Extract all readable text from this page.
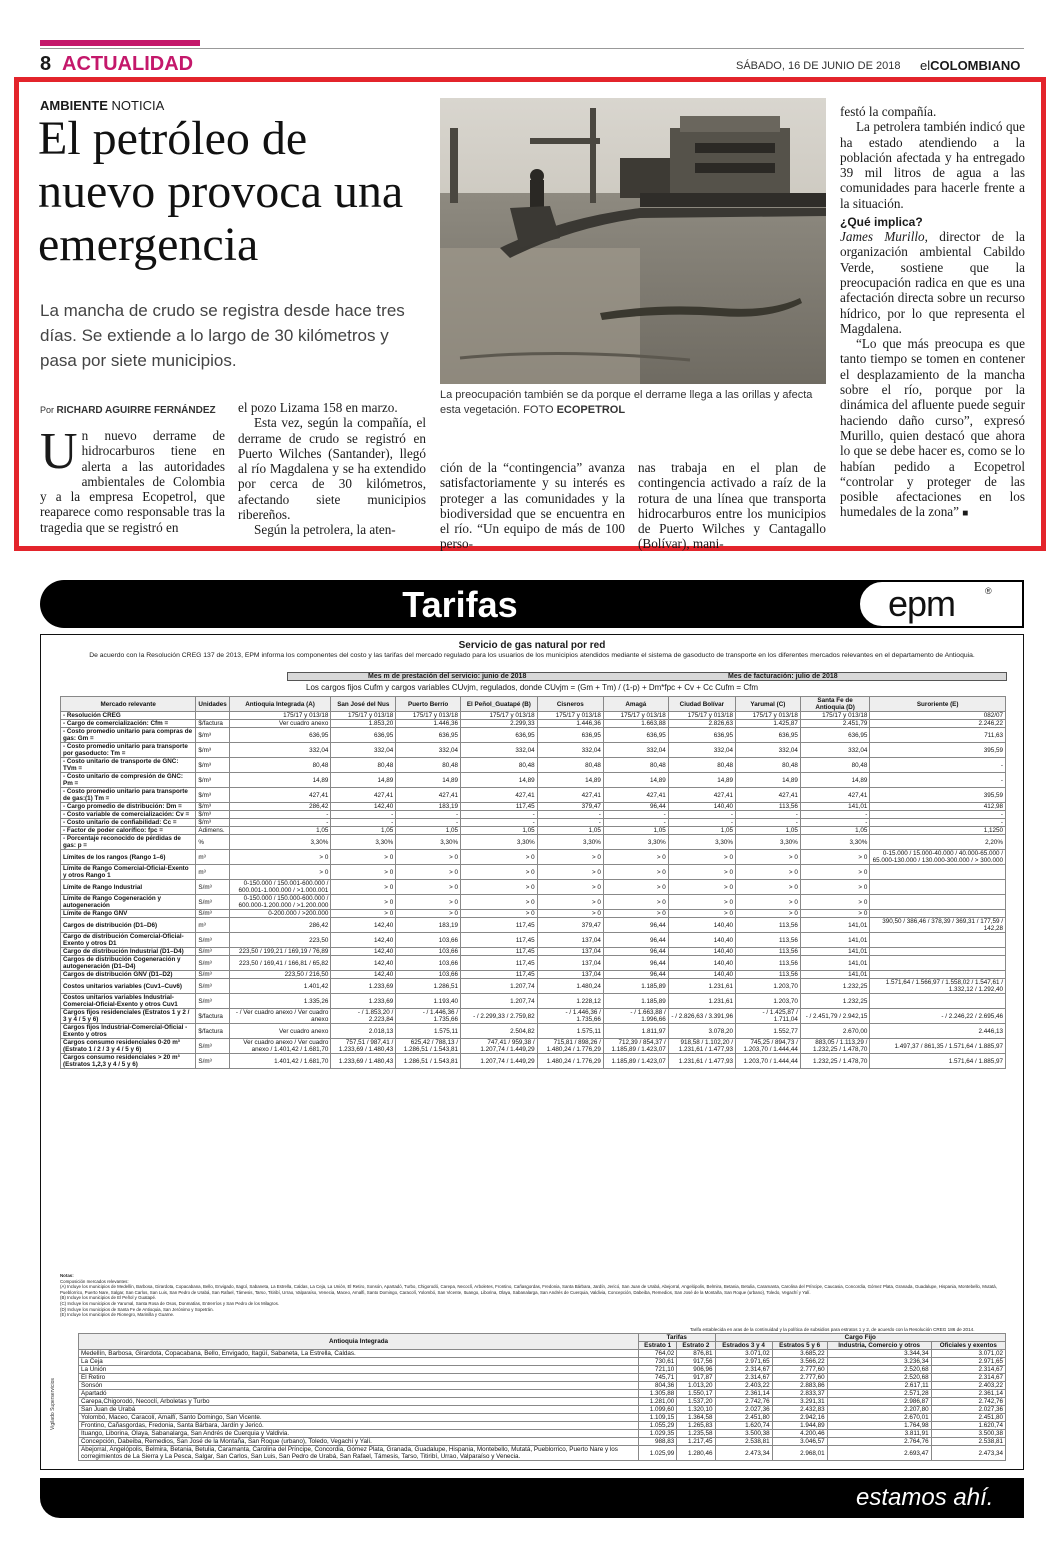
8 ACTUALIDAD	SÁBADO, 16 DE JUNIO DE 2018 elCOLOMBIANO
AMBIENTE NOTICIA
El petróleo de nuevo provoca una emergencia

La mancha de crudo se registra desde hace tres días. Se extiende a lo largo de 30 kilómetros y pasa por siete municipios.

La preocupación también se da porque el derrame llega a las orillas y afecta esta vegetación. FOTO ECOPETROL

Por RICHARD AGUIRRE FERNÁNDEZ
Un nuevo derrame de hidrocarburos tiene en alerta a las autoridades ambientales de Colombia y a la empresa Ecopetrol, que reaparece como responsable tras la tragedia que se registró en

el pozo Lizama 158 en marzo.

Esta vez, según la compañía, el derrame de crudo se registró en Puerto Wilches (Santander), llegó al río Magdalena y se ha extendido por cerca de 30 kilómetros, afectando siete municipios ribereños.

Según la petrolera, la aten-

ción de la “contingencia” avanza satisfactoriamente y su interés es proteger a las comunidades y la biodiversidad que se encuentra en el río. “Un equipo de más de 100 perso-
nas trabaja en el plan de contingencia activado a raíz de la rotura de una línea que transporta hidrocarburos entre los municipios de Puerto Wilches y Cantagallo (Bolívar), mani-

festó la compañía.

La petrolera también indicó que ha estado atendiendo a la población afectada y ha entregado 39 mil litros de agua a las comunidades para hacerle frente a la situación.

¿Qué implica?

James Murillo, director de la organización ambiental Cabildo Verde, sostiene que la preocupación radica en que es una afectación directa sobre un recurso hídrico, por lo que representa el Magdalena.

“Lo que más preocupa es que tanto tiempo se tomen en contener el desplazamiento de la mancha sobre el río, porque por la dinámica del afluente puede seguir haciendo daño curso”, expresó Murillo, quien destacó que ahora lo que se debe hacer es, como se lo habían pedido a Ecopetrol “controlar y proteger de las posible afectaciones en los humedales de la zona” ■

Tarifas	epm	®
Servicio de gas natural por red
De acuerdo con la Resolución CREG 137 de 2013, EPM informa los componentes del costo y las tarifas del mercado regulado para los usuarios de los municipios atendidos mediante el sistema de gasoducto de transporte en los diferentes mercados relevantes en el departamento de Antioquia.
Mes m de prestación del servicio: junio de 2018	Mes de facturación: julio de 2018
Los cargos fijos Cufm y cargos variables CUvjm, regulados, donde CUvjm = (Gm + Tm) / (1-p) + Dm*fpc + Cv + Cc Cufm = Cfm
Mercado relevante	Unidades	Antioquia Integrada (A)	San José del Nus	Puerto Berrío	El Peñol_Guatapé (B)	Cisneros	Amagá	Ciudad Bolívar	Yarumal (C)	Santa Fe de Antioquia (D)	Suroriente (E)
- Resolución CREG		175/17 y 013/18	175/17 y 013/18	175/17 y 013/18	175/17 y 013/18	175/17 y 013/18	175/17 y 013/18	175/17 y 013/18	175/17 y 013/18	175/17 y 013/18	082/07
- Cargo de comercialización: Cfm =	$/factura	Ver cuadro anexo	1.853,20	1.446,36	2.299,33	1.446,36	1.663,88	2.826,63	1.425,87	2.451,79	2.246,22
- Costo promedio unitario para compras de gas: Gm =	$/m³	636,95	636,95	636,95	636,95	636,95	636,95	636,95	636,95	636,95	711,63
- Costo promedio unitario para transporte por gasoducto: Tm =	$/m³	332,04	332,04	332,04	332,04	332,04	332,04	332,04	332,04	332,04	395,59
- Costo unitario de transporte de GNC: TVm =	$/m³	80,48	80,48	80,48	80,48	80,48	80,48	80,48	80,48	80,48	-
- Costo unitario de compresión de GNC: Pm =	$/m³	14,89	14,89	14,89	14,89	14,89	14,89	14,89	14,89	14,89	-
- Costo promedio unitario para transporte de gas:(1) Tm =	$/m³	427,41	427,41	427,41	427,41	427,41	427,41	427,41	427,41	427,41	395,59
- Cargo promedio de distribución: Dm =	$/m³	286,42	142,40	183,19	117,45	379,47	96,44	140,40	113,56	141,01	412,98
- Costo variable de comercialización: Cv =	$/m³	-	-	-	-	-	-	-	-	-	-
- Costo unitario de confiabilidad: Cc =	$/m³	-	-	-	-	-	-	-	-	-	-
- Factor de poder calorífico: fpc =	Adimens.	1,05	1,05	1,05	1,05	1,05	1,05	1,05	1,05	1,05	1,1250
- Porcentaje reconocido de pérdidas de gas: p =	%	3,30%	3,30%	3,30%	3,30%	3,30%	3,30%	3,30%	3,30%	3,30%	2,20%
Límites de los rangos (Rango 1–6)	m³	> 0	> 0	> 0	> 0	> 0	> 0	> 0	> 0	> 0	0-15.000 / 15.000-40.000 / 40.000-65.000 / 65.000-130.000 / 130.000-300.000 / > 300.000
Límite de Rango Comercial-Oficial-Exento y otros Rango 1	m³	> 0	> 0	> 0	> 0	> 0	> 0	> 0	> 0	> 0	
Límite de Rango Industrial	S/m³	0-150.000 / 150.001-600.000 / 600.001-1.000.000 / >1.000.001	> 0	> 0	> 0	> 0	> 0	> 0	> 0	> 0	
Límite de Rango Cogeneración y autogeneración	S/m³	0-150.000 / 150.000-600.000 / 600.000-1.200.000 / >1.200.000	> 0	> 0	> 0	> 0	> 0	> 0	> 0	> 0	
Límite de Rango GNV	S/m³	0-200.000 / >200.000	> 0	> 0	> 0	> 0	> 0	> 0	> 0	> 0	
Cargos de distribución (D1–D6)	m³	286,42	142,40	183,19	117,45	379,47	96,44	140,40	113,56	141,01	390,50 / 386,46 / 378,39 / 369,31 / 177,59 / 142,28
Cargo de distribución Comercial-Oficial-Exento y otros D1	S/m³	223,50	142,40	103,66	117,45	137,04	96,44	140,40	113,56	141,01	
Cargo de distribución Industrial (D1–D4)	S/m³	223,50 / 199,21 / 169,19 / 76,89	142,40	103,66	117,45	137,04	96,44	140,40	113,56	141,01	
Cargos de distribución Cogeneración y autogeneración (D1–D4)	S/m³	223,50 / 169,41 / 166,81 / 65,82	142,40	103,66	117,45	137,04	96,44	140,40	113,56	141,01	
Cargos de distribución GNV (D1–D2)	S/m³	223,50 / 216,50	142,40	103,66	117,45	137,04	96,44	140,40	113,56	141,01	
Costos unitarios variables (Cuv1–Cuv6)	S/m³	1.401,42	1.233,69	1.286,51	1.207,74	1.480,24	1.185,89	1.231,61	1.203,70	1.232,25	1.571,64 / 1.566,97 / 1.558,02 / 1.547,61 / 1.332,12 / 1.292,40
Costos unitarios variables Industrial-Comercial-Oficial-Exento y otros Cuv1	S/m³	1.335,26	1.233,69	1.193,40	1.207,74	1.228,12	1.185,89	1.231,61	1.203,70	1.232,25	
Cargos fijos residenciales (Estratos 1 y 2 / 3 y 4 / 5 y 6)	$/factura	- / Ver cuadro anexo / Ver cuadro anexo	- / 1.853,20 / 2.223,84	- / 1.446,36 / 1.735,66	- / 2.299,33 / 2.759,82	- / 1.446,36 / 1.735,66	- / 1.663,88 / 1.996,66	- / 2.826,63 / 3.391,96	- / 1.425,87 / 1.711,04	- / 2.451,79 / 2.942,15	- / 2.246,22 / 2.695,46
Cargos fijos Industrial-Comercial-Oficial -Exento y otros	$/factura	Ver cuadro anexo	2.018,13	1.575,11	2.504,82	1.575,11	1.811,97	3.078,20	1.552,77	2.670,00	2.446,13
Cargos consumo residenciales 0-20 m³ (Estrato 1 / 2 / 3 y 4 / 5 y 6)	S/m³	Ver cuadro anexo / Ver cuadro anexo / 1.401,42 / 1.681,70	757,51 / 987,41 / 1.233,69 / 1.480,43	625,42 / 788,13 / 1.286,51 / 1.543,81	747,41 / 959,38 / 1.207,74 / 1.449,29	715,81 / 898,26 / 1.480,24 / 1.776,29	712,39 / 854,37 / 1.185,89 / 1.423,07	918,58 / 1.102,20 / 1.231,61 / 1.477,93	745,25 / 894,73 / 1.203,70 / 1.444,44	883,05 / 1.113,29 / 1.232,25 / 1.478,70	1.497,37 / 861,35 / 1.571,64 / 1.885,97
Cargos consumo residenciales > 20 m³ (Estratos 1,2,3 y 4 / 5 y 6)	S/m³	1.401,42 / 1.681,70	1.233,69 / 1.480,43	1.286,51 / 1.543,81	1.207,74 / 1.449,29	1.480,24 / 1.776,29	1.185,89 / 1.423,07	1.231,61 / 1.477,93	1.203,70 / 1.444,44	1.232,25 / 1.478,70	1.571,64 / 1.885,97
Notas:
Composición mercados relevantes:
(A) Incluye los municipios de Medellín, Barbosa, Girardota, Copacabana, Bello, Envigado, Itagüí, Sabaneta, La Estrella, Caldas, La Ceja, La Unión, El Retiro, Sonsón, Apartadó, Turbo, Chigorodó, Carepa, Necoclí, Arboletes, Frontino, Cañasgordas, Fredonia, Santa Bárbara, Jardín, Jericó, San Juan de Urabá, Abejorral, Angelópolis, Belmira, Betania, Betulia, Caramanta, Carolina del Príncipe, Caucasia, Concordia, Gómez Plata, Granada, Guadalupe, Hispania, Montebello, Mutatá, Pueblorrico, Puerto Nare, Salgar, San Carlos, San Luis, San Pedro de Urabá, San Rafael, Támesis, Tarso, Titiribí, Urrao, Valparaíso, Venecia, Maceo, Amalfi, Santo Domingo, Caracolí, Yolombó, San Vicente, Ituango, Liborina, Olaya, Sabanalarga, San Andrés de Cuerquia, Valdivia, Concepción, Dabeiba, Remedios, San José de la Montaña, San Roque (urbano), Toledo, Vegachí y Yalí.
(B) Incluye los municipios de El Peñol y Guatapé.
(C) Incluye los municipios de Yarumal, Santa Rosa de Osos, Donmatías, Entrerríos y San Pedro de los Milagros.
(D) Incluye los municipios de Santa Fe de Antioquia, San Jerónimo y Sopetrán.
(E) Incluye los municipios de Rionegro, Marinilla y Guarne.
Tarifa establecida en aras de la continuidad y la política de subsidios para estratos 1 y 2, de acuerdo con la Resolución CREG 186 de 2014.
Vigilado Superservicios
Antioquia Integrada	Tarifas		Cargo Fijo			
	Estrato 1	Estrato 2	Estrados 3 y 4	Estratos 5 y 6	Industria, Comercio y otros	Oficiales y exentos
Medellín, Barbosa, Girardota, Copacabana, Bello, Envigado, Itagüí, Sabaneta, La Estrella, Caldas.	764,02	876,81	3.071,02	3.685,22	3.344,34	3.071,02
La Ceja	730,61	917,56	2.971,65	3.566,22	3.236,34	2.971,65
La Unión	721,10	906,96	2.314,67	2.777,60	2.520,68	2.314,67
El Retiro	745,71	917,87	2.314,67	2.777,60	2.520,68	2.314,67
Sonsón	804,36	1.013,20	2.403,22	2.883,86	2.617,11	2.403,22
Apartadó	1.305,88	1.550,17	2.361,14	2.833,37	2.571,28	2.361,14
Carepa,Chigorodó, Necoclí, Arboletas y Turbo	1.281,00	1.537,20	2.742,76	3.291,31	2.986,87	2.742,76
San Juan de Urabá	1.099,60	1.320,10	2.027,36	2.432,83	2.207,80	2.027,36
Yolombó, Maceo, Caracolí, Amalfí, Santo Domingo, San Vicente.	1.109,15	1.364,58	2.451,80	2.942,16	2.670,01	2.451,80
Frontino, Cañasgordas, Fredonia, Santa Bárbara, Jardín y Jericó.	1.055,29	1.265,83	1.620,74	1.944,89	1.764,98	1.620,74
Ituango, Liborina, Olaya, Sabanalarga, San Andrés de Cuerquia y Valdivia.	1.029,35	1.235,58	3.500,38	4.200,46	3.811,91	3.500,38
Concepción, Dabeiba, Remedios, San José de la Montaña, San Roque (urbano), Toledo, Vegachí y Yalí.	988,83	1.217,45	2.538,81	3.046,57	2.764,76	2.538,81
Abejorral, Angelópolis, Belmira, Betania, Betulia, Caramanta, Carolina del Príncipe, Concordia, Gómez Plata, Granada, Guadalupe, Hispania, Montebello, Mutatá, Pueblorrico, Puerto Nare y los corregimientos de La Sierra y La Pesca, Salgar, San Carlos, San Luis, San Pedro de Urabá, San Rafael, Támesis, Tarso, Titiribí, Urrao, Valparaíso y Venecia.	1.025,99	1.280,46	2.473,34	2.968,01	2.693,47	2.473,34
estamos ahí.
